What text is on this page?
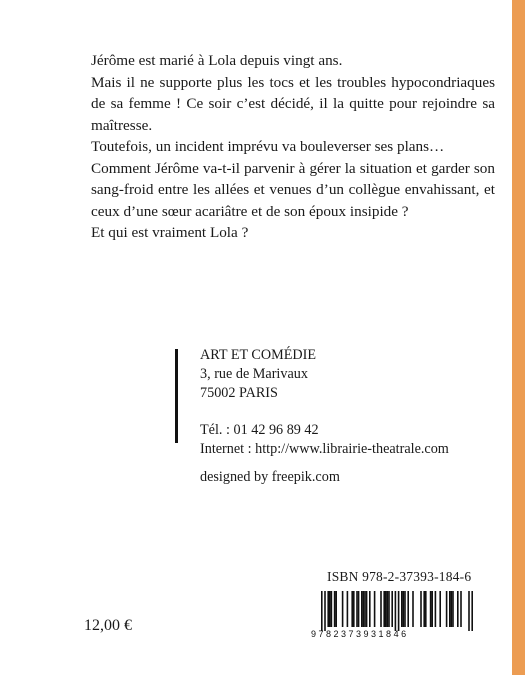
Jérôme est marié à Lola depuis vingt ans.

Mais il ne supporte plus les tocs et les troubles hypocondriaques de sa femme ! Ce soir c’est décidé, il la quitte pour rejoindre sa maîtresse.

Toutefois, un incident imprévu va bouleverser ses plans…

Comment Jérôme va-t-il parvenir à gérer la situation et garder son sang-froid entre les allées et venues d’un collègue envahissant, et ceux d’une sœur acariâtre et de son époux insipide ?

Et qui est vraiment Lola ?

ART ET COMÉDIE
3, rue de Marivaux
75002 PARIS
Tél. : 01 42 96 89 42
Internet : http://www.librairie-theatrale.com
designed by freepik.com
ISBN 978-2-37393-184-6
9 7 8 2 3 7 3 9 3 1 8 4 6
12,00 €
